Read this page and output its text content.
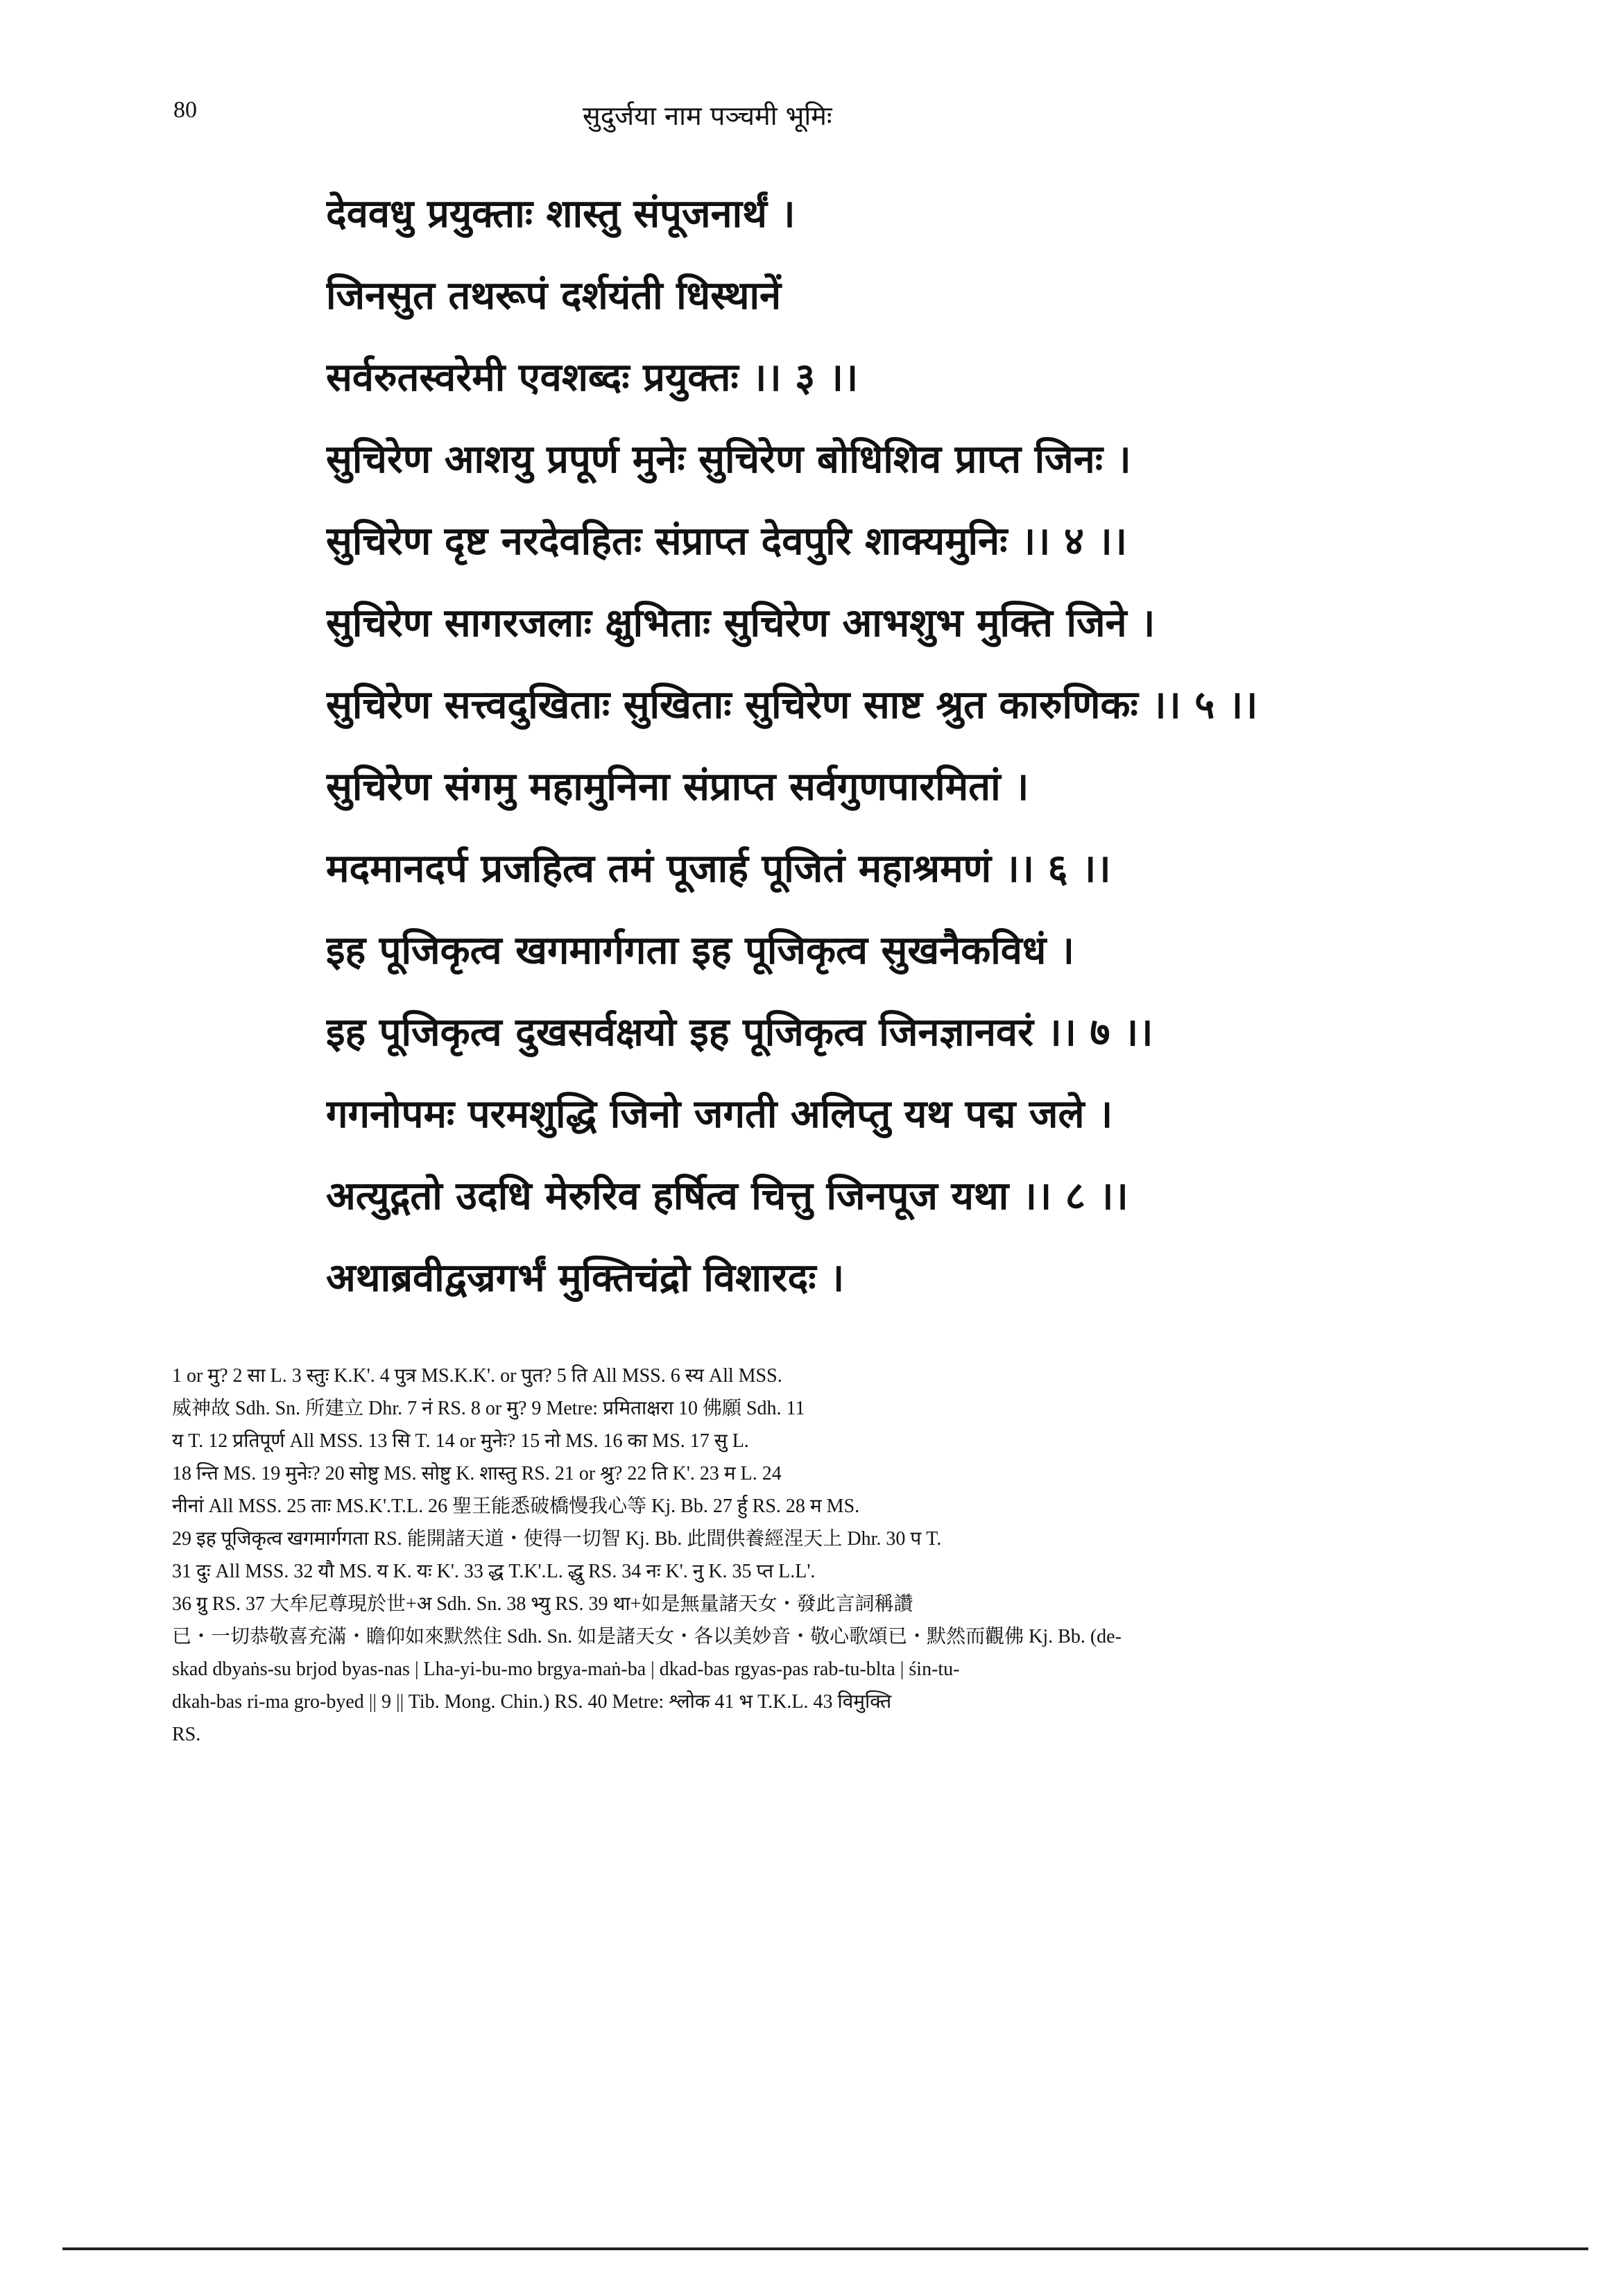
80	सुदुर्जया नाम पञ्चमी भूमिः
देववधु प्रयुक्ताः शास्तु संपूजनार्थं ।
जिनसुत तथरूपं दर्शयंती धिस्थानें
सर्वरुतस्वरेमी एवशब्दः प्रयुक्तः ।। ३ ।।
सुचिरेण आशयु प्रपूर्ण मुनेः सुचिरेण बोधिशिव प्राप्त जिनः ।
सुचिरेण दृष्ट नरदेवहितः संप्राप्त देवपुरि शाक्यमुनिः ।। ४ ।।
सुचिरेण सागरजलाः क्षुभिताः सुचिरेण आभशुभ मुक्ति जिने ।
सुचिरेण सत्त्वदुखिताः सुखिताः सुचिरेण साष्ट श्रुत कारुणिकः ।। ५ ।।
सुचिरेण संगमु महामुनिना संप्राप्त सर्वगुणपारमितां ।
मदमानदर्प प्रजहित्व तमं पूजार्ह पूजितं महाश्रमणं ।। ६ ।।
इह पूजिकृत्व खगमार्गगता इह पूजिकृत्व सुखनैकविधं ।
इह पूजिकृत्व दुखसर्वक्षयो इह पूजिकृत्व जिनज्ञानवरं ।। ७ ।।
गगनोपमः परमशुद्धि जिनो जगती अलिप्तु यथ पद्म जले ।
अत्युद्गतो उदधि मेरुरिव हर्षित्व चित्तु जिनपूज यथा ।। ८ ।।
अथाब्रवीद्वज्रगर्भं मुक्तिचंद्रो विशारदः ।
1 or मु? 2 सा L. 3 स्तुः K.K'. 4 पुत्र MS.K.K'. or पुत? 5 ति All MSS. 6 स्य All MSS.
威神故 Sdh. Sn. 所建立 Dhr. 7 नं RS. 8 or मु? 9 Metre: प्रमिताक्षरा 10 佛願 Sdh. 11
य T. 12 प्रतिपूर्ण All MSS. 13 सि T. 14 or मुनेः? 15 नो MS. 16 का MS. 17 सु L.
18 न्ति MS. 19 मुनेः? 20 सोष्टु MS. सोष्टु K. शास्तु RS. 21 or श्रु? 22 ति K'. 23 म L. 24
नीनां All MSS. 25 ताः MS.K'.T.L. 26 聖王能悉破橋慢我心等 Kj. Bb. 27 र्हु RS. 28 म MS.
29 इह पूजिकृत्व खगमार्गगता RS. 能開諸天道・使得一切智 Kj. Bb. 此間供養經涅天上 Dhr. 30 प T.
31 दुः All MSS. 32 यौ MS. य K. यः K'. 33 द्ध T.K'.L. द्धु RS. 34 नः K'. नु K. 35 प्त L.L'.
36 ग्रु RS. 37 大牟尼尊現於世+अ Sdh. Sn. 38 भ्यु RS. 39 था+如是無量諸天女・發此言詞稱讚
已・一切恭敬喜充滿・瞻仰如來默然住 Sdh. Sn. 如是諸天女・各以美妙音・敬心歌頌已・默然而觀佛 Kj. Bb. (de-
skad dbyaṅs-su brjod byas-nas | Lha-yi-bu-mo brgya-maṅ-ba | dkad-bas rgyas-pas rab-tu-blta | śin-tu-
dkah-bas ri-ma gro-byed || 9 || Tib. Mong. Chin.) RS. 40 Metre: श्लोक 41 भ T.K.L. 43 विमुक्ति
RS.
